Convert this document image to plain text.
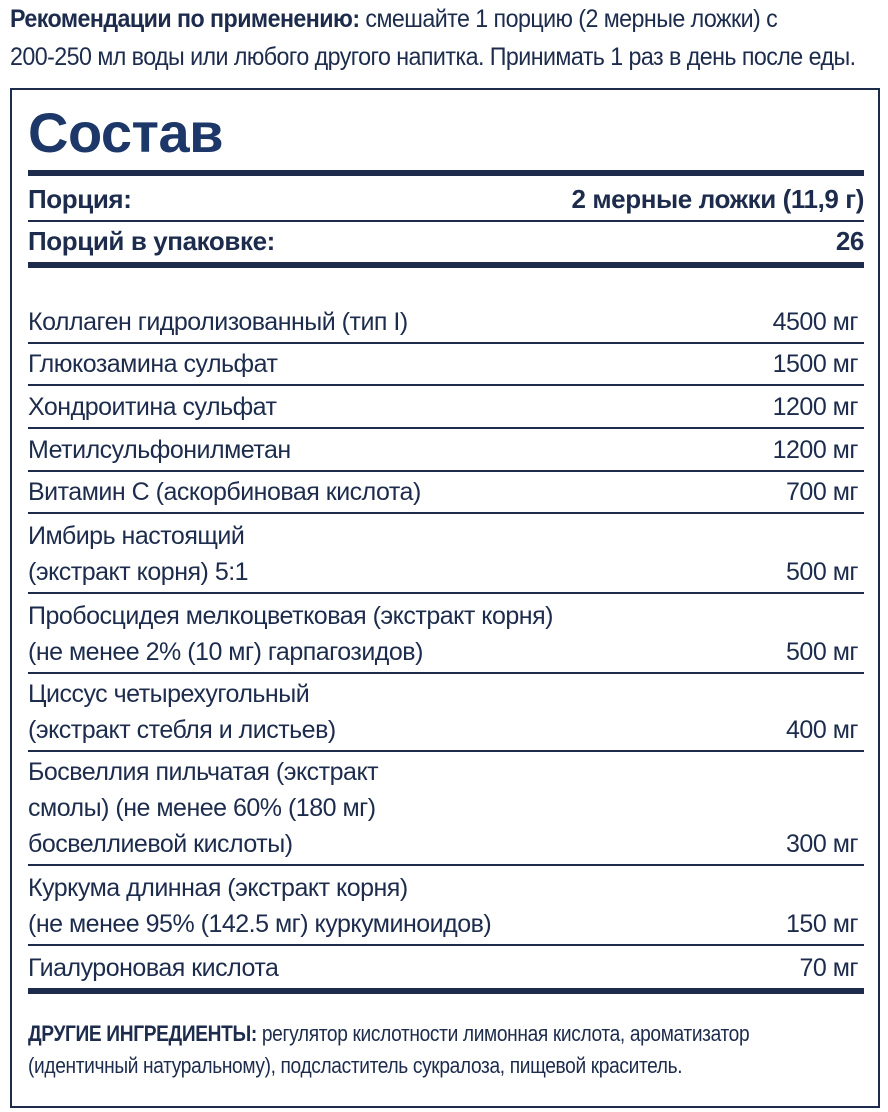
Рекомендации по применению: смешайте 1 порцию (2 мерные ложки) с
200-250 мл воды или любого другого напитка. Принимать 1 раз в день после еды.
Состав
Порция:	2 мерные ложки (11,9 г)
Порций в упаковке:	26
Коллаген гидролизованный (тип I)	4500 мг
Глюкозамина сульфат	1500 мг
Хондроитина сульфат	1200 мг
Метилсульфонилметан	1200 мг
Витамин С (аскорбиновая кислота)	700 мг
Имбирь настоящий
(экстракт корня) 5:1	500 мг
Пробосцидея мелкоцветковая (экстракт корня)
(не менее 2% (10 мг) гарпагозидов)	500 мг
Циссус четырехугольный
(экстракт стебля и листьев)	400 мг
Босвеллия пильчатая (экстракт
смолы) (не менее 60% (180 мг)
босвеллиевой кислоты)	300 мг
Куркума длинная (экстракт корня)
(не менее 95% (142.5 мг) куркуминоидов)	150 мг
Гиалуроновая кислота	70 мг
ДРУГИЕ ИНГРЕДИЕНТЫ: регулятор кислотности лимонная кислота, ароматизатор
(идентичный натуральному), подсластитель сукралоза, пищевой краситель.
